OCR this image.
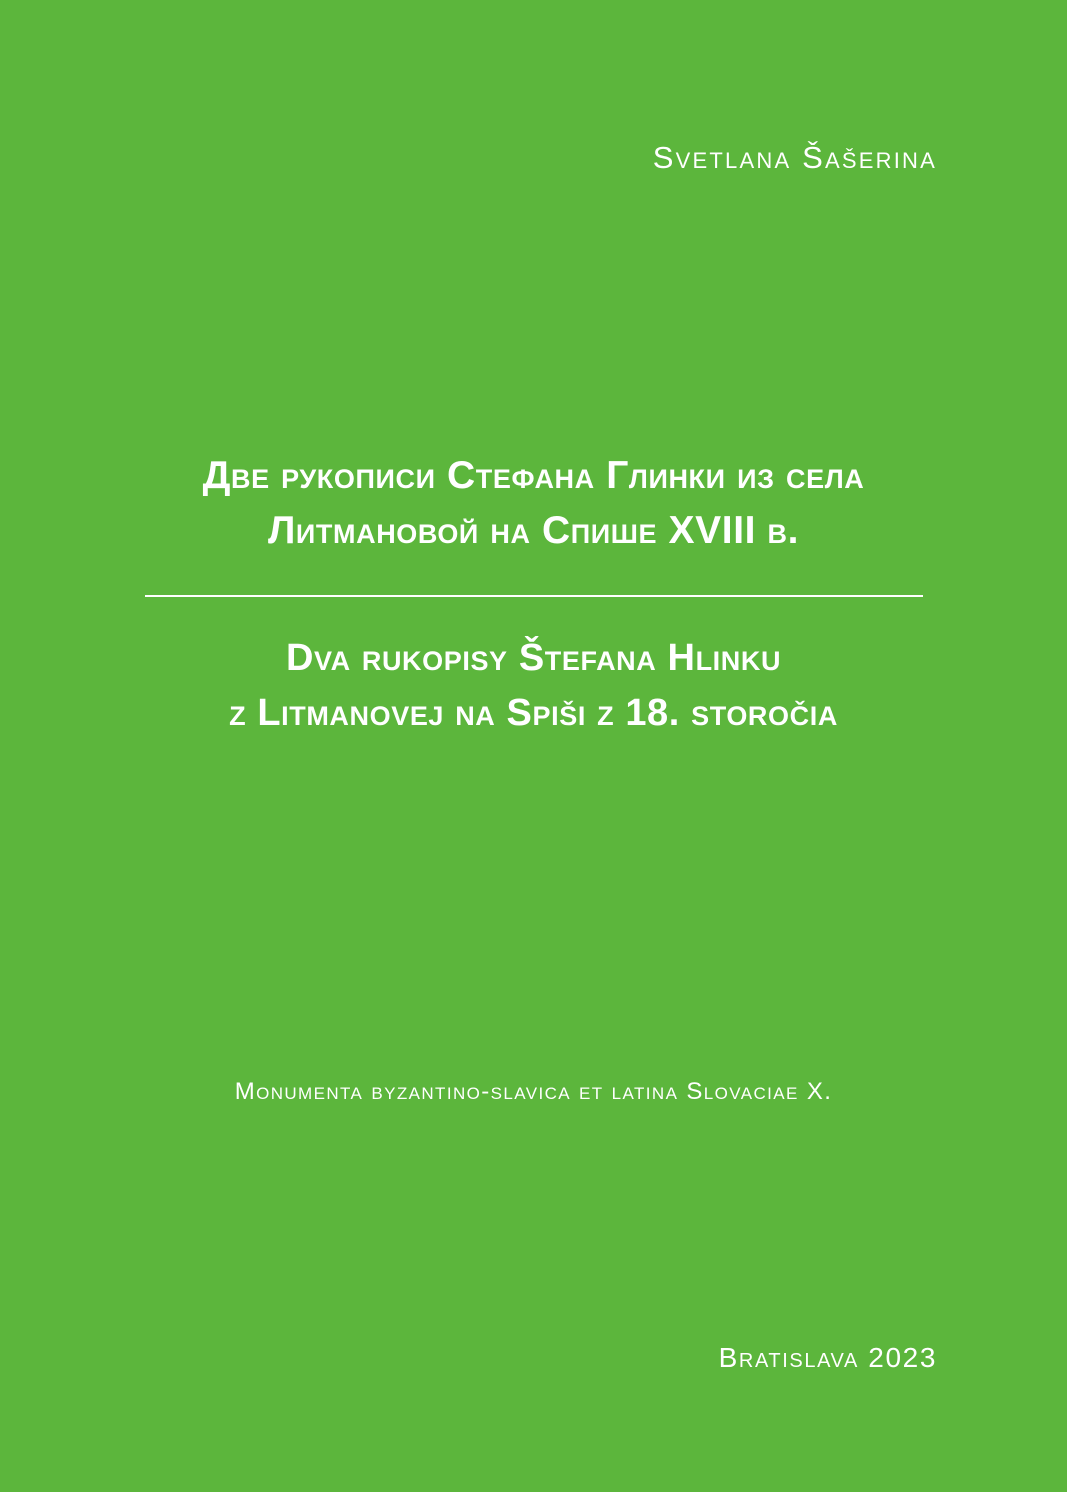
Svetlana Šašerina
Две рукописи Стефана Глинки из села
Литмановой на Спише XVIII в.
Dva rukopisy Štefana Hlinku
z Litmanovej na Spiši z 18. storočia
Monumenta byzantino-slavica et latina Slovaciae X.
Bratislava 2023
